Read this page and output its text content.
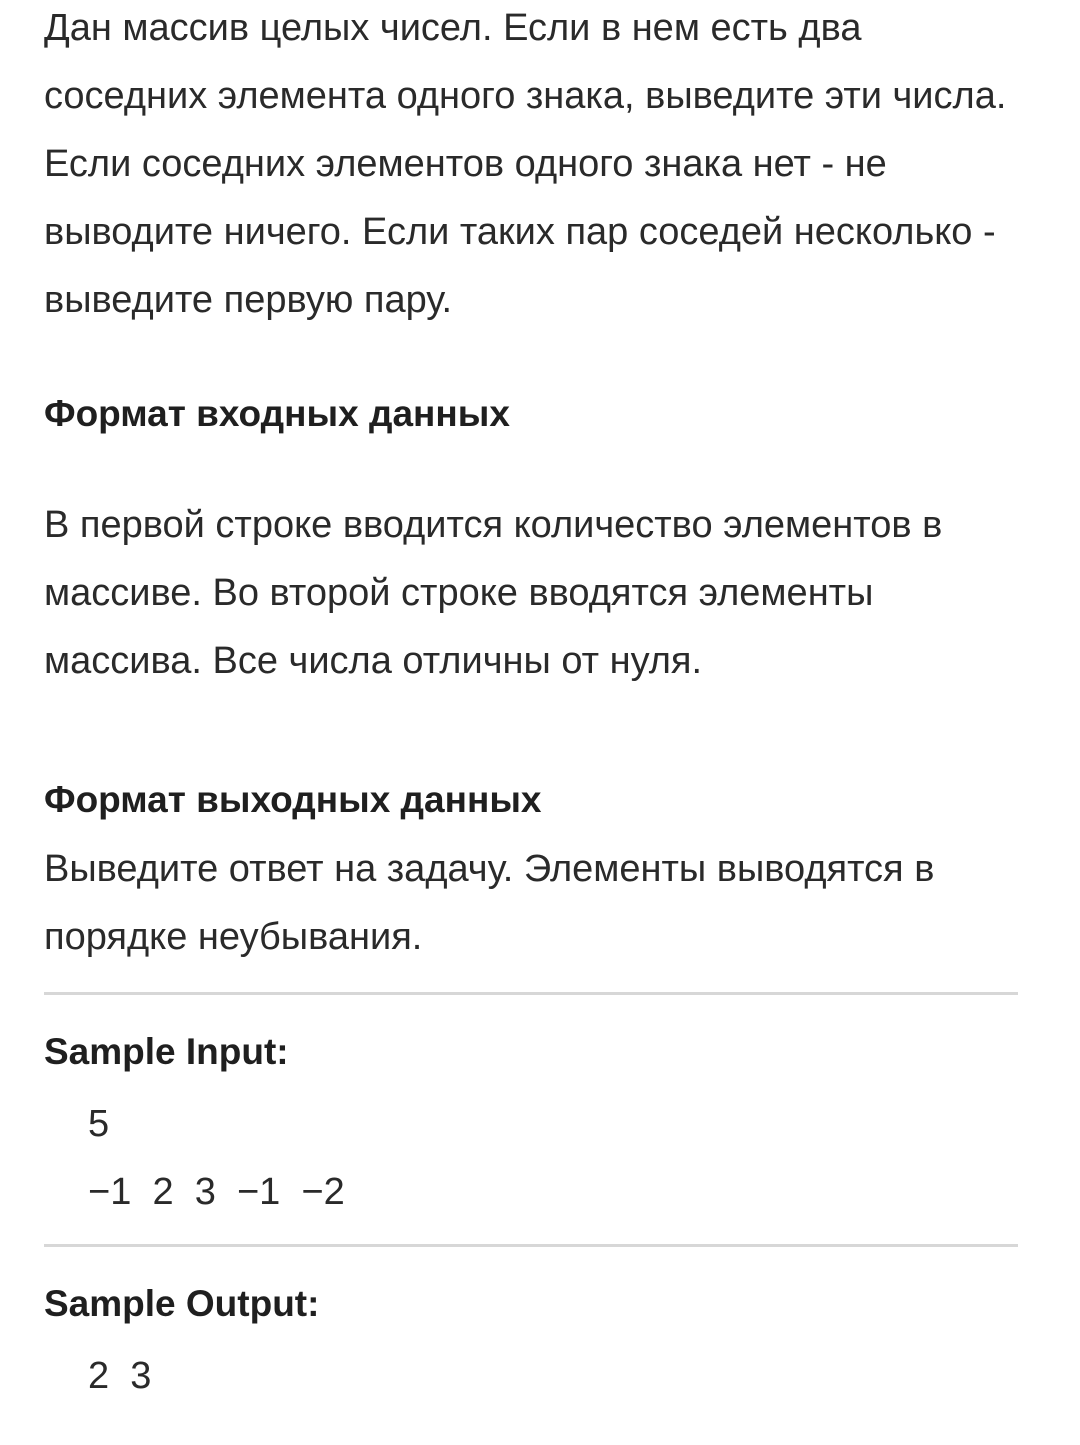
Дан массив целых чисел. Если в нем есть два соседних элемента одного знака, выведите эти числа. Если соседних элементов одного знака нет - не выводите ничего. Если таких пар соседей несколько - выведите первую пару.

Формат входных данных

В первой строке вводится количество элементов в массиве. Во второй строке вводятся элементы массива. Все числа отличны от нуля.

Формат выходных данных

Выведите ответ на задачу. Элементы выводятся в порядке неубывания.

Sample Input:
5
−1  2  3  −1  −2
Sample Output:
2  3
